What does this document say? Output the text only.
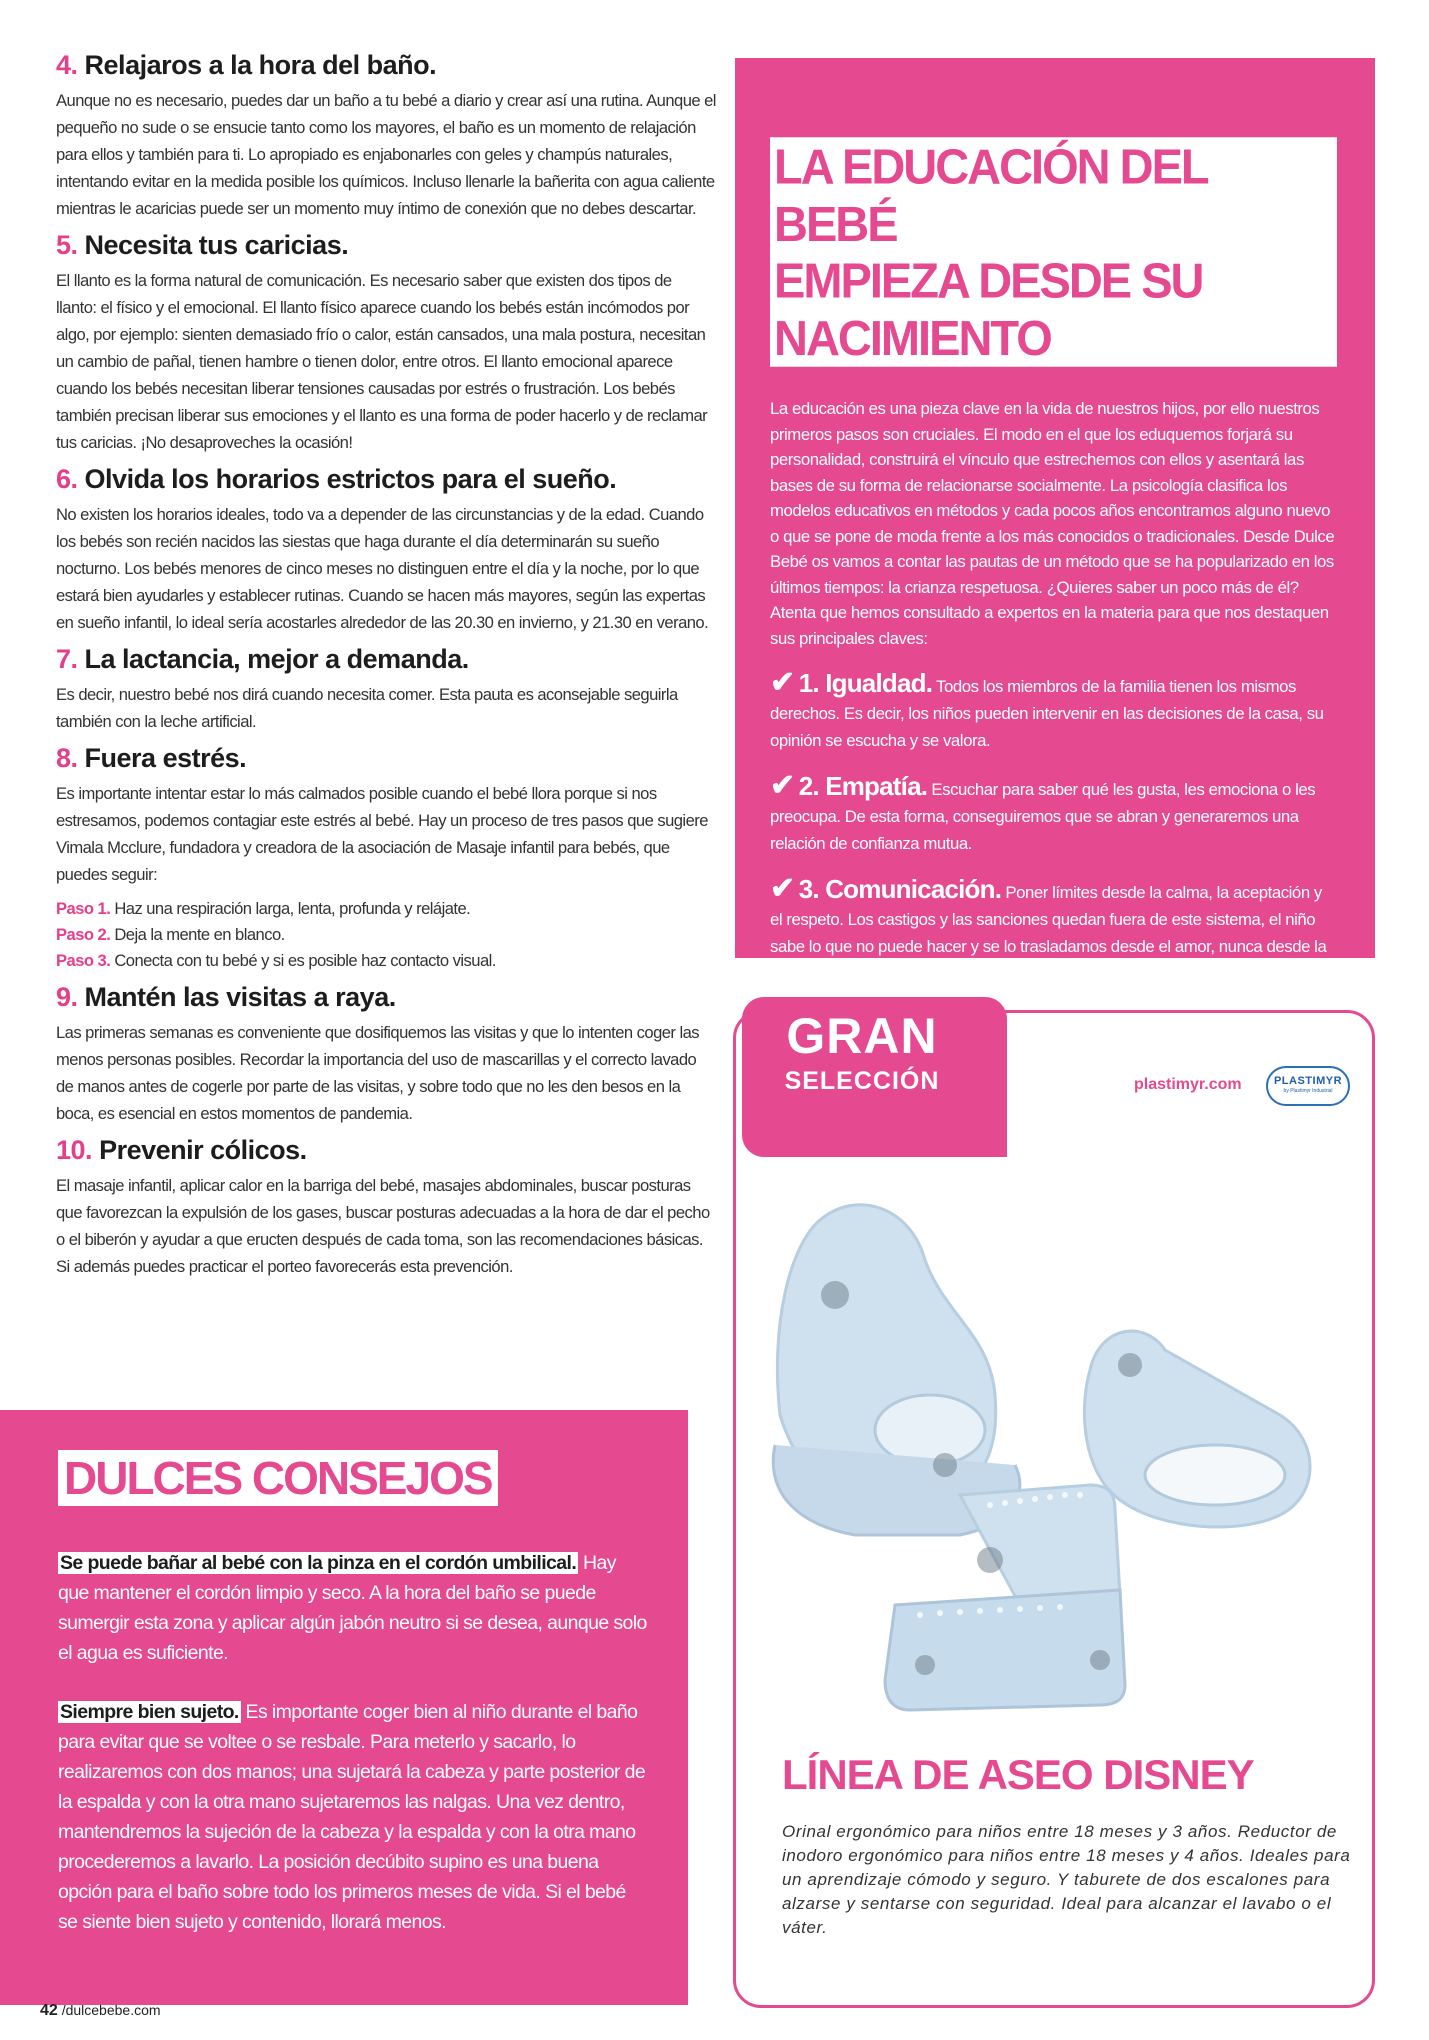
4. Relajaros a la hora del baño.

Aunque no es necesario, puedes dar un baño a tu bebé a diario y crear así una rutina. Aunque el pequeño no sude o se ensucie tanto como los mayores, el baño es un momento de relajación para ellos y también para ti. Lo apropiado es enjabonarles con geles y champús naturales, intentando evitar en la medida posible los químicos. Incluso llenarle la bañerita con agua caliente mientras le acaricias puede ser un momento muy íntimo de conexión que no debes descartar.

5. Necesita tus caricias.

El llanto es la forma natural de comunicación. Es necesario saber que existen dos tipos de llanto: el físico y el emocional. El llanto físico aparece cuando los bebés están incómodos por algo, por ejemplo: sienten demasiado frío o calor, están cansados, una mala postura, necesitan un cambio de pañal, tienen hambre o tienen dolor, entre otros. El llanto emocional aparece cuando los bebés necesitan liberar tensiones causadas por estrés o frustración. Los bebés también precisan liberar sus emociones y el llanto es una forma de poder hacerlo y de reclamar tus caricias. ¡No desaproveches la ocasión!

6. Olvida los horarios estrictos para el sueño.

No existen los horarios ideales, todo va a depender de las circunstancias y de la edad. Cuando los bebés son recién nacidos las siestas que haga durante el día determinarán su sueño nocturno. Los bebés menores de cinco meses no distinguen entre el día y la noche, por lo que estará bien ayudarles y establecer rutinas. Cuando se hacen más mayores, según las expertas en sueño infantil, lo ideal sería acostarles alrededor de las 20.30 en invierno, y 21.30 en verano.

7. La lactancia, mejor a demanda.

Es decir, nuestro bebé nos dirá cuando necesita comer. Esta pauta es aconsejable seguirla también con la leche artificial.

8. Fuera estrés.

Es importante intentar estar lo más calmados posible cuando el bebé llora porque si nos estresamos, podemos contagiar este estrés al bebé. Hay un proceso de tres pasos que sugiere Vimala Mcclure, fundadora y creadora de la asociación de Masaje infantil para bebés, que puedes seguir:

Paso 1. Haz una respiración larga, lenta, profunda y relájate.
Paso 2. Deja la mente en blanco.
Paso 3. Conecta con tu bebé y si es posible haz contacto visual.
9. Mantén las visitas a raya.

Las primeras semanas es conveniente que dosifiquemos las visitas y que lo intenten coger las menos personas posibles. Recordar la importancia del uso de mascarillas y el correcto lavado de manos antes de cogerle por parte de las visitas, y sobre todo que no les den besos en la boca, es esencial en estos momentos de pandemia.

10. Prevenir cólicos.

El masaje infantil, aplicar calor en la barriga del bebé, masajes abdominales, buscar posturas que favorezcan la expulsión de los gases, buscar posturas adecuadas a la hora de dar el pecho o el biberón y ayudar a que eructen después de cada toma, son las recomendaciones básicas. Si además puedes practicar el porteo favorecerás esta prevención.

LA EDUCACIÓN DEL BEBÉ
EMPIEZA DESDE SU NACIMIENTO

La educación es una pieza clave en la vida de nuestros hijos, por ello nuestros primeros pasos son cruciales. El modo en el que los eduquemos forjará su personalidad, construirá el vínculo que estrechemos con ellos y asentará las bases de su forma de relacionarse socialmente. La psicología clasifica los modelos educativos en métodos y cada pocos años encontramos alguno nuevo o que se pone de moda frente a los más conocidos o tradicionales. Desde Dulce Bebé os vamos a contar las pautas de un método que se ha popularizado en los últimos tiempos: la crianza respetuosa. ¿Quieres saber un poco más de él? Atenta que hemos consultado a expertos en la materia para que nos destaquen sus principales claves:

✔ 1. Igualdad. Todos los miembros de la familia tienen los mismos derechos. Es decir, los niños pueden intervenir en las decisiones de la casa, su opinión se escucha y se valora.

✔ 2. Empatía. Escuchar para saber qué les gusta, les emociona o les preocupa. De esta forma, conseguiremos que se abran y generaremos una relación de confianza mutua.

✔ 3. Comunicación. Poner límites desde la calma, la aceptación y el respeto. Los castigos y las sanciones quedan fuera de este sistema, el niño sabe lo que no puede hacer y se lo trasladamos desde el amor, nunca desde la imposición.

GRAN
SELECCIÓN	plastimyr.com	PLASTIMYR
by Plastimyr Industrial
LÍNEA DE ASEO DISNEY
Orinal ergonómico para niños entre 18 meses y 3 años. Reductor de inodoro ergonómico para niños entre 18 meses y 4 años. Ideales para un aprendizaje cómodo y seguro. Y taburete de dos escalones para alzarse y sentarse con seguridad. Ideal para alcanzar el lavabo o el váter.
DULCES CONSEJOS
Se puede bañar al bebé con la pinza en el cordón umbilical. Hay que mantener el cordón limpio y seco. A la hora del baño se puede sumergir esta zona y aplicar algún jabón neutro si se desea, aunque solo el agua es suficiente.
Siempre bien sujeto. Es importante coger bien al niño durante el baño para evitar que se voltee o se resbale. Para meterlo y sacarlo, lo realizaremos con dos manos; una sujetará la cabeza y parte posterior de la espalda y con la otra mano sujetaremos las nalgas. Una vez dentro, mantendremos la sujeción de la cabeza y la espalda y con la otra mano procederemos a lavarlo. La posición decúbito supino es una buena opción para el baño sobre todo los primeros meses de vida. Si el bebé se siente bien sujeto y contenido, llorará menos.
42 /dulcebebe.com
